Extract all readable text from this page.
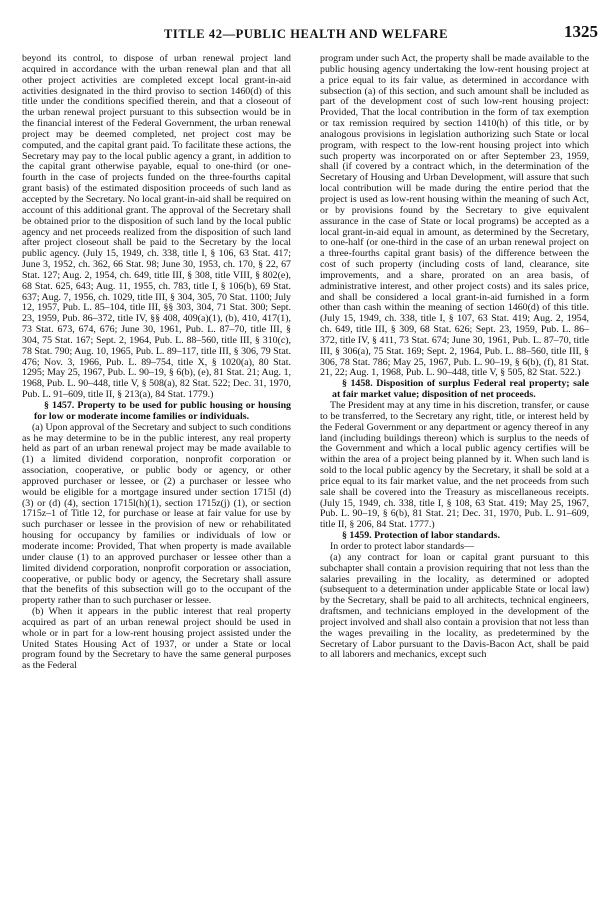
TITLE 42—PUBLIC HEALTH AND WELFARE	1325

beyond its control, to dispose of urban renewal project land acquired in accordance with the urban renewal plan and that all other project activities are completed except local grant-in-aid activities designated in the third proviso to section 1460(d) of this title under the conditions specified therein, and that a closeout of the urban renewal project pursuant to this subsection would be in the financial interest of the Federal Government, the urban renewal project may be deemed completed, net project cost may be computed, and the capital grant paid. To facilitate these actions, the Secretary may pay to the local public agency a grant, in addition to the capital grant otherwise payable, equal to one-third (or one-fourth in the case of projects funded on the three-fourths capital grant basis) of the estimated disposition proceeds of such land as accepted by the Secretary. No local grant-in-aid shall be required on account of this additional grant. The approval of the Secretary shall be obtained prior to the disposition of such land by the local public agency and net proceeds realized from the disposition of such land after project closeout shall be paid to the Secretary by the local public agency. (July 15, 1949, ch. 338, title I, § 106, 63 Stat. 417; June 3, 1952, ch. 362, 66 Stat. 98; June 30, 1953, ch. 170, § 22, 67 Stat. 127; Aug. 2, 1954, ch. 649, title III, § 308, title VIII, § 802(e), 68 Stat. 625, 643; Aug. 11, 1955, ch. 783, title I, § 106(b), 69 Stat. 637; Aug. 7, 1956, ch. 1029, title III, § 304, 305, 70 Stat. 1100; July 12, 1957, Pub. L. 85–104, title III, §§ 303, 304, 71 Stat. 300; Sept. 23, 1959, Pub. 86–372, title IV, §§ 408, 409(a)(1), (b), 410, 417(1), 73 Stat. 673, 674, 676; June 30, 1961, Pub. L. 87–70, title III, § 304, 75 Stat. 167; Sept. 2, 1964, Pub. L. 88–560, title III, § 310(c), 78 Stat. 790; Aug. 10, 1965, Pub. L. 89–117, title III, § 306, 79 Stat. 476; Nov. 3, 1966, Pub. L. 89–754, title X, § 1020(a), 80 Stat. 1295; May 25, 1967, Pub. L. 90–19, § 6(b), (e), 81 Stat. 21; Aug. 1, 1968, Pub. L. 90–448, title V, § 508(a), 82 Stat. 522; Dec. 31, 1970, Pub. L. 91–609, title II, § 213(a), 84 Stat. 1779.)

§ 1457. Property to be used for public housing or housing for low or moderate income families or individuals.

(a) Upon approval of the Secretary and subject to such conditions as he may determine to be in the public interest, any real property held as part of an urban renewal project may be made available to (1) a limited dividend corporation, nonprofit corporation or association, cooperative, or public body or agency, or other approved purchaser or lessee, or (2) a purchaser or lessee who would be eligible for a mortgage insured under section 1715l (d) (3) or (d) (4), section 1715l(h)(1), section 1715z(j) (1), or section 1715z–1 of Title 12, for purchase or lease at fair value for use by such purchaser or lessee in the provision of new or rehabilitated housing for occupancy by families or individuals of low or moderate income: Provided, That when property is made available under clause (1) to an approved purchaser or lessee other than a limited dividend corporation, nonprofit corporation or association, cooperative, or public body or agency, the Secretary shall assure that the benefits of this subsection will go to the occupant of the property rather than to such purchaser or lessee.

(b) When it appears in the public interest that real property acquired as part of an urban renewal project should be used in whole or in part for a low-rent housing project assisted under the United States Housing Act of 1937, or under a State or local program found by the Secretary to have the same general purposes as the Federal

program under such Act, the property shall be made available to the public housing agency undertaking the low-rent housing project at a price equal to its fair value, as determined in accordance with subsection (a) of this section, and such amount shall be included as part of the development cost of such low-rent housing project: Provided, That the local contribution in the form of tax exemption or tax remission required by section 1410(h) of this title, or by analogous provisions in legislation authorizing such State or local program, with respect to the low-rent housing project into which such property was incorporated on or after September 23, 1959, shall (if covered by a contract which, in the determination of the Secretary of Housing and Urban Development, will assure that such local contribution will be made during the entire period that the project is used as low-rent housing within the meaning of such Act, or by provisions found by the Secretary to give equivalent assurance in the case of State or local programs) be accepted as a local grant-in-aid equal in amount, as determined by the Secretary, to one-half (or one-third in the case of an urban renewal project on a three-fourths capital grant basis) of the difference between the cost of such property (including costs of land, clearance, site improvements, and a share, prorated on an area basis, of administrative interest, and other project costs) and its sales price, and shall be considered a local grant-in-aid furnished in a form other than cash within the meaning of section 1460(d) of this title. (July 15, 1949, ch. 338, title I, § 107, 63 Stat. 419; Aug. 2, 1954, ch. 649, title III, § 309, 68 Stat. 626; Sept. 23, 1959, Pub. L. 86–372, title IV, § 411, 73 Stat. 674; June 30, 1961, Pub. L. 87–70, title III, § 306(a), 75 Stat. 169; Sept. 2, 1964, Pub. L. 88–560, title III, § 306, 78 Stat. 786; May 25, 1967, Pub. L. 90–19, § 6(b), (f), 81 Stat. 21, 22; Aug. 1, 1968, Pub. L. 90–448, title V, § 505, 82 Stat. 522.)

§ 1458. Disposition of surplus Federal real property; sale at fair market value; disposition of net proceeds.

The President may at any time in his discretion, transfer, or cause to be transferred, to the Secretary any right, title, or interest held by the Federal Government or any department or agency thereof in any land (including buildings thereon) which is surplus to the needs of the Government and which a local public agency certifies will be within the area of a project being planned by it. When such land is sold to the local public agency by the Secretary, it shall be sold at a price equal to its fair market value, and the net proceeds from such sale shall be covered into the Treasury as miscellaneous receipts. (July 15, 1949, ch. 338, title I, § 108, 63 Stat. 419; May 25, 1967, Pub. L. 90–19, § 6(b), 81 Stat. 21; Dec. 31, 1970, Pub. L. 91–609, title II, § 206, 84 Stat. 1777.)

§ 1459. Protection of labor standards.

In order to protect labor standards—

(a) any contract for loan or capital grant pursuant to this subchapter shall contain a provision requiring that not less than the salaries prevailing in the locality, as determined or adopted (subsequent to a determination under applicable State or local law) by the Secretary, shall be paid to all architects, technical engineers, draftsmen, and technicians employed in the development of the project involved and shall also contain a provision that not less than the wages prevailing in the locality, as predetermined by the Secretary of Labor pursuant to the Davis-Bacon Act, shall be paid to all laborers and mechanics, except such
